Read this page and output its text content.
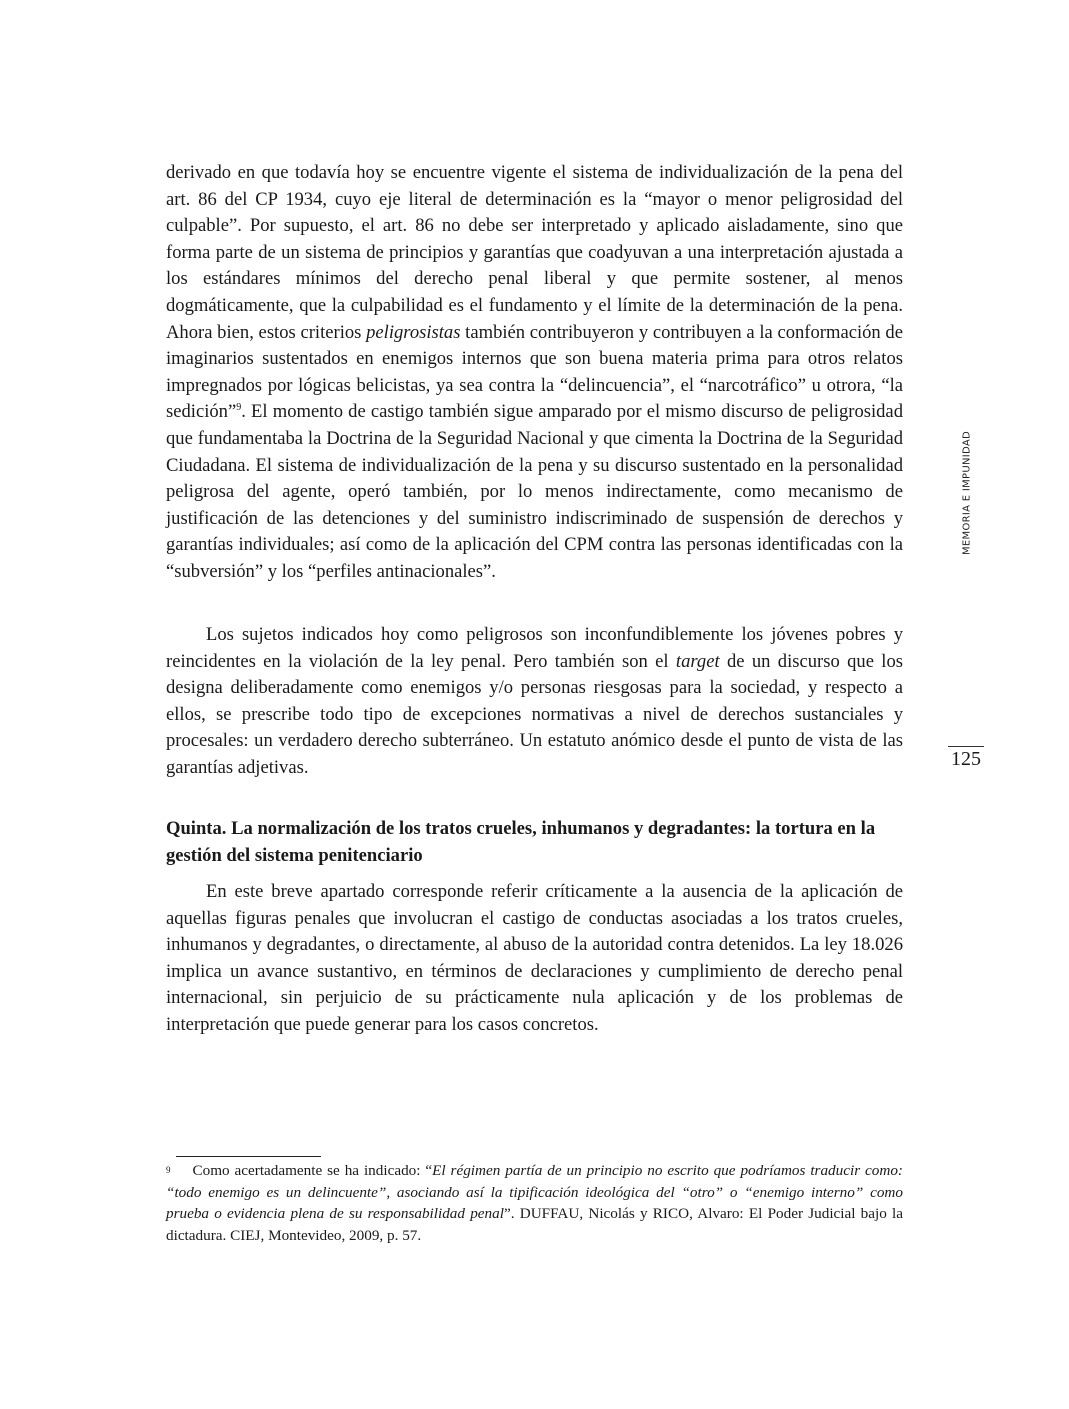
derivado en que todavía hoy se encuentre vigente el sistema de individualización de la pena del art. 86 del CP 1934, cuyo eje literal de determinación es la “mayor o menor peligrosidad del culpable”. Por supuesto, el art. 86 no debe ser interpretado y aplicado aisladamente, sino que forma parte de un sistema de principios y garantías que coadyuvan a una interpretación ajustada a los estándares mínimos del derecho penal liberal y que permite sostener, al menos dogmáticamente, que la culpabilidad es el fundamento y el límite de la determinación de la pena. Ahora bien, estos criterios peligrosistas también contribuyeron y contribuyen a la conformación de imaginarios sustentados en enemigos internos que son buena materia prima para otros relatos impregnados por lógicas belicistas, ya sea contra la “delincuencia”, el “narcotráfico” u otrora, “la sedición”$^9$. El momento de castigo también sigue amparado por el mismo discurso de peligrosidad que fundamentaba la Doctrina de la Seguridad Nacional y que cimenta la Doctrina de la Seguridad Ciudadana. El sistema de individualización de la pena y su discurso sustentado en la personalidad peligrosa del agente, operó también, por lo menos indirectamente, como mecanismo de justificación de las detenciones y del suministro indiscriminado de suspensión de derechos y garantías individuales; así como de la aplicación del CPM contra las personas identificadas con la “subversión” y los “perfiles antinacionales”.

Los sujetos indicados hoy como peligrosos son inconfundiblemente los jóvenes pobres y reincidentes en la violación de la ley penal. Pero también son el target de un discurso que los designa deliberadamente como enemigos y/o personas riesgosas para la sociedad, y respecto a ellos, se prescribe todo tipo de excepciones normativas a nivel de derechos sustanciales y procesales: un verdadero derecho subterráneo. Un estatuto anómico desde el punto de vista de las garantías adjetivas.

Quinta. La normalización de los tratos crueles, inhumanos y degradantes: la tortura en la gestión del sistema penitenciario

En este breve apartado corresponde referir críticamente a la ausencia de la aplicación de aquellas figuras penales que involucran el castigo de conductas asociadas a los tratos crueles, inhumanos y degradantes, o directamente, al abuso de la autoridad contra detenidos. La ley 18.026 implica un avance sustantivo, en términos de declaraciones y cumplimiento de derecho penal internacional, sin perjuicio de su prácticamente nula aplicación y de los problemas de interpretación que puede generar para los casos concretos.

MEMORIA E IMPUNIDAD
125

$^9$ Como acertadamente se ha indicado: “El régimen partía de un principio no escrito que podríamos traducir como: “todo enemigo es un delincuente”, asociando así la tipificación ideológica del “otro” o “enemigo interno” como prueba o evidencia plena de su responsabilidad penal”. DUFFAU, Nicolás y RICO, Alvaro: El Poder Judicial bajo la dictadura. CIEJ, Montevideo, 2009, p. 57.
